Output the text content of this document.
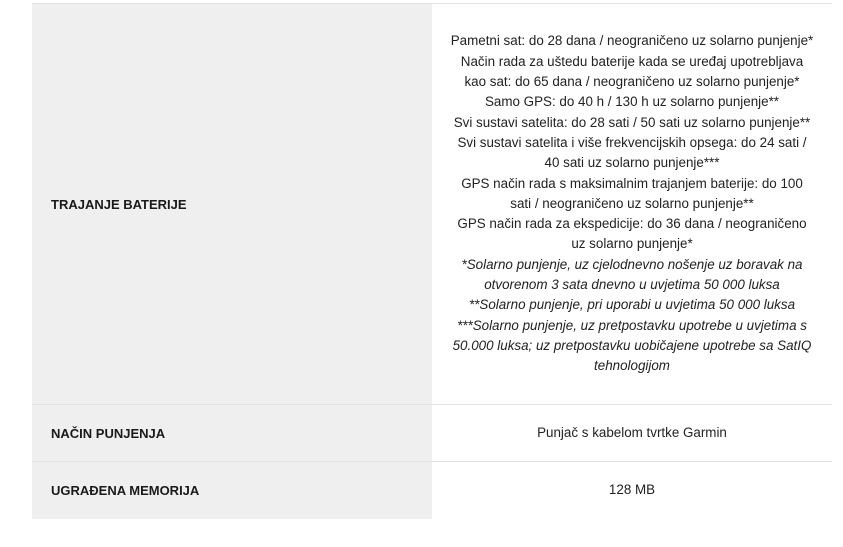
TRAJANJE BATERIJE
Pametni sat: do 28 dana / neograničeno uz solarno punjenje*
Način rada za uštedu baterije kada se uređaj upotrebljava kao sat: do 65 dana / neograničeno uz solarno punjenje*
Samo GPS: do 40 h / 130 h uz solarno punjenje**
Svi sustavi satelita: do 28 sati / 50 sati uz solarno punjenje**
Svi sustavi satelita i više frekvencijskih opsega: do 24 sati / 40 sati uz solarno punjenje***
GPS način rada s maksimalnim trajanjem baterije: do 100 sati / neograničeno uz solarno punjenje**
GPS način rada za ekspedicije: do 36 dana / neograničeno uz solarno punjenje*
*Solarno punjenje, uz cjelodnevno nošenje uz boravak na otvorenom 3 sata dnevno u uvjetima 50 000 luksa
**Solarno punjenje, pri uporabi u uvjetima 50 000 luksa
***Solarno punjenje, uz pretpostavku upotrebe u uvjetima s 50.000 luksa; uz pretpostavku uobičajene upotrebe sa SatIQ tehnologijom
NAČIN PUNJENJA	Punjač s kabelom tvrtke Garmin
UGRAĐENA MEMORIJA	128 MB
